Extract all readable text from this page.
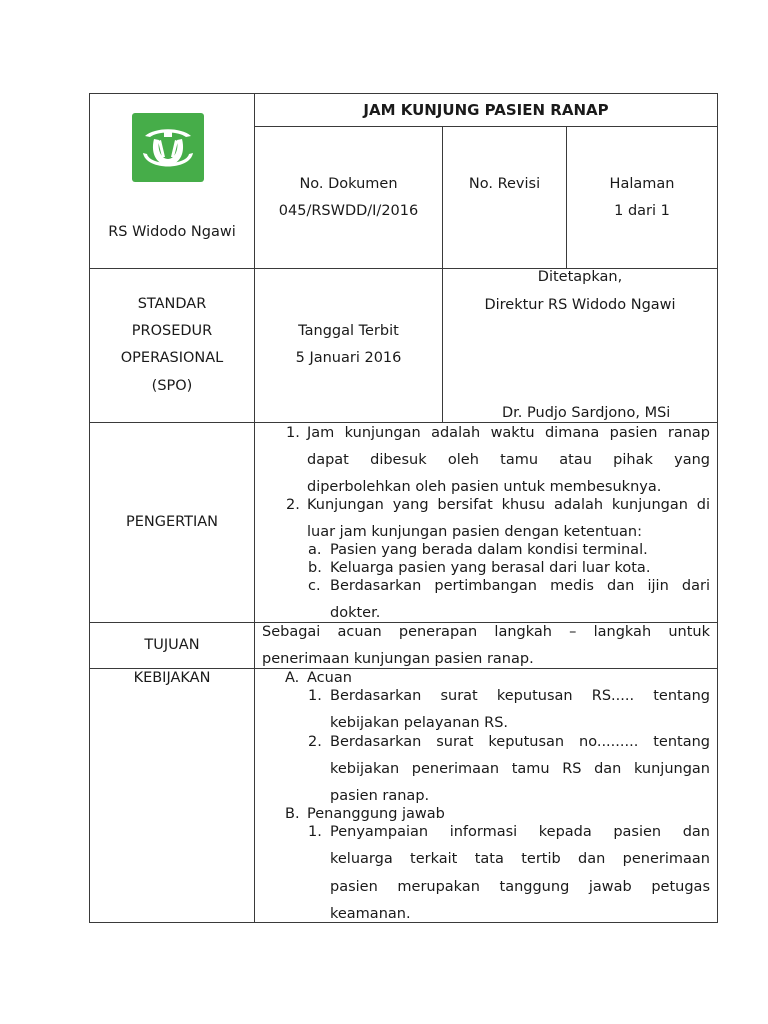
JAM KUNJUNG PASIEN RANAP
RS Widodo Ngawi
No. Dokumen
045/RSWDD/I/2016
No. Revisi	Halaman
1 dari 1
STANDAR
PROSEDUR
OPERASIONAL
(SPO)
Tanggal Terbit
5 Januari 2016
Ditetapkan,
Direktur RS Widodo Ngawi
Dr. Pudjo Sardjono, MSi
PENGERTIAN
1. Jam kunjungan adalah waktu dimana pasien ranap
dapat dibesuk oleh tamu atau pihak yang
diperbolehkan oleh pasien untuk membesuknya.
2. Kunjungan yang bersifat khusu adalah kunjungan di
luar jam kunjungan pasien dengan ketentuan:
a. Pasien yang berada dalam kondisi terminal.
b. Keluarga pasien yang berasal dari luar kota.
c. Berdasarkan pertimbangan medis dan ijin dari
dokter.
TUJUAN
Sebagai acuan penerapan langkah – langkah untuk
penerimaan kunjungan pasien ranap.
KEBIJAKAN	A. Acuan
1. Berdasarkan surat keputusan RS..... tentang
kebijakan pelayanan RS.
2. Berdasarkan surat keputusan no......... tentang
kebijakan penerimaan tamu RS dan kunjungan
pasien ranap.
B. Penanggung jawab
1. Penyampaian informasi kepada pasien dan
keluarga terkait tata tertib dan penerimaan
pasien merupakan tanggung jawab petugas
keamanan.
